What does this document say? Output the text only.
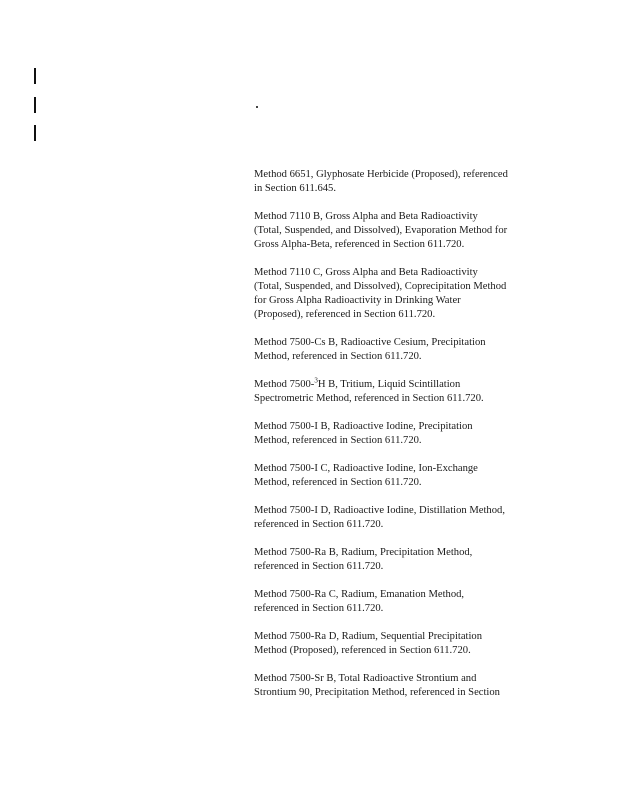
Method 6651, Glyphosate Herbicide (Proposed), referenced
in Section 611.645.
Method 7110 B, Gross Alpha and Beta Radioactivity
(Total, Suspended, and Dissolved), Evaporation Method for
Gross Alpha-Beta, referenced in Section 611.720.
Method 7110 C, Gross Alpha and Beta Radioactivity
(Total, Suspended, and Dissolved), Coprecipitation Method
for Gross Alpha Radioactivity in Drinking Water
(Proposed), referenced in Section 611.720.
Method 7500-Cs B, Radioactive Cesium, Precipitation
Method, referenced in Section 611.720.
Method 7500-$^3$H B, Tritium, Liquid Scintillation
Spectrometric Method, referenced in Section 611.720.
Method 7500-I B, Radioactive Iodine, Precipitation
Method, referenced in Section 611.720.
Method 7500-I C, Radioactive Iodine, Ion-Exchange
Method, referenced in Section 611.720.
Method 7500-I D, Radioactive Iodine, Distillation Method,
referenced in Section 611.720.
Method 7500-Ra B, Radium, Precipitation Method,
referenced in Section 611.720.
Method 7500-Ra C, Radium, Emanation Method,
referenced in Section 611.720.
Method 7500-Ra D, Radium, Sequential Precipitation
Method (Proposed), referenced in Section 611.720.
Method 7500-Sr B, Total Radioactive Strontium and
Strontium 90, Precipitation Method, referenced in Section
